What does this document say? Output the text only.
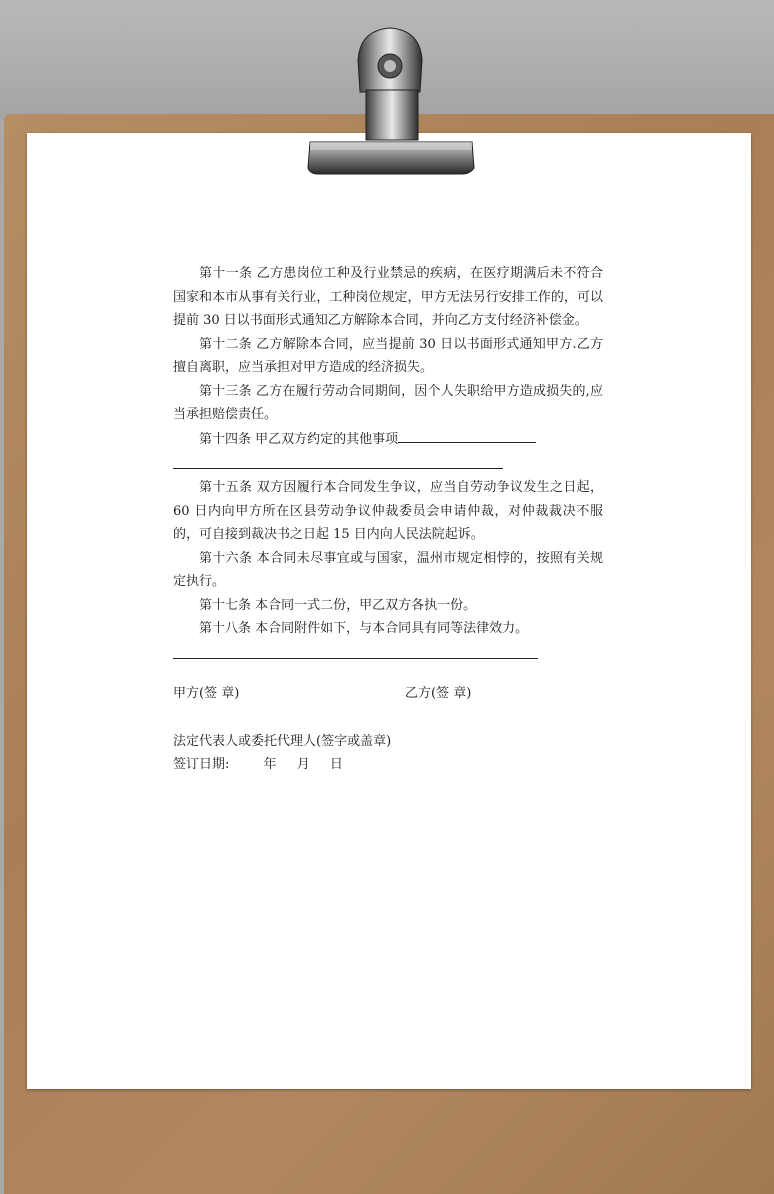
第十一条 乙方患岗位工种及行业禁忌的疾病，在医疗期满后未不符合国家和本市从事有关行业，工种岗位规定，甲方无法另行安排工作的，可以提前 30 日以书面形式通知乙方解除本合同，并向乙方支付经济补偿金。

第十二条 乙方解除本合同，应当提前 30 日以书面形式通知甲方.乙方擅自离职，应当承担对甲方造成的经济损失。

第十三条 乙方在履行劳动合同期间，因个人失职给甲方造成损失的,应当承担赔偿责任。

第十四条 甲乙双方约定的其他事项

第十五条 双方因履行本合同发生争议，应当自劳动争议发生之日起，60 日内向甲方所在区县劳动争议仲裁委员会申请仲裁，对仲裁裁决不服的，可自接到裁决书之日起 15 日内向人民法院起诉。

第十六条 本合同未尽事宜或与国家，温州市规定相悖的，按照有关规定执行。

第十七条 本合同一式二份，甲乙双方各执一份。

第十八条 本合同附件如下，与本合同具有同等法律效力。

甲方(签 章)	乙方(签 章)
法定代表人或委托代理人(签字或盖章)
签订日期:	年 月 日
